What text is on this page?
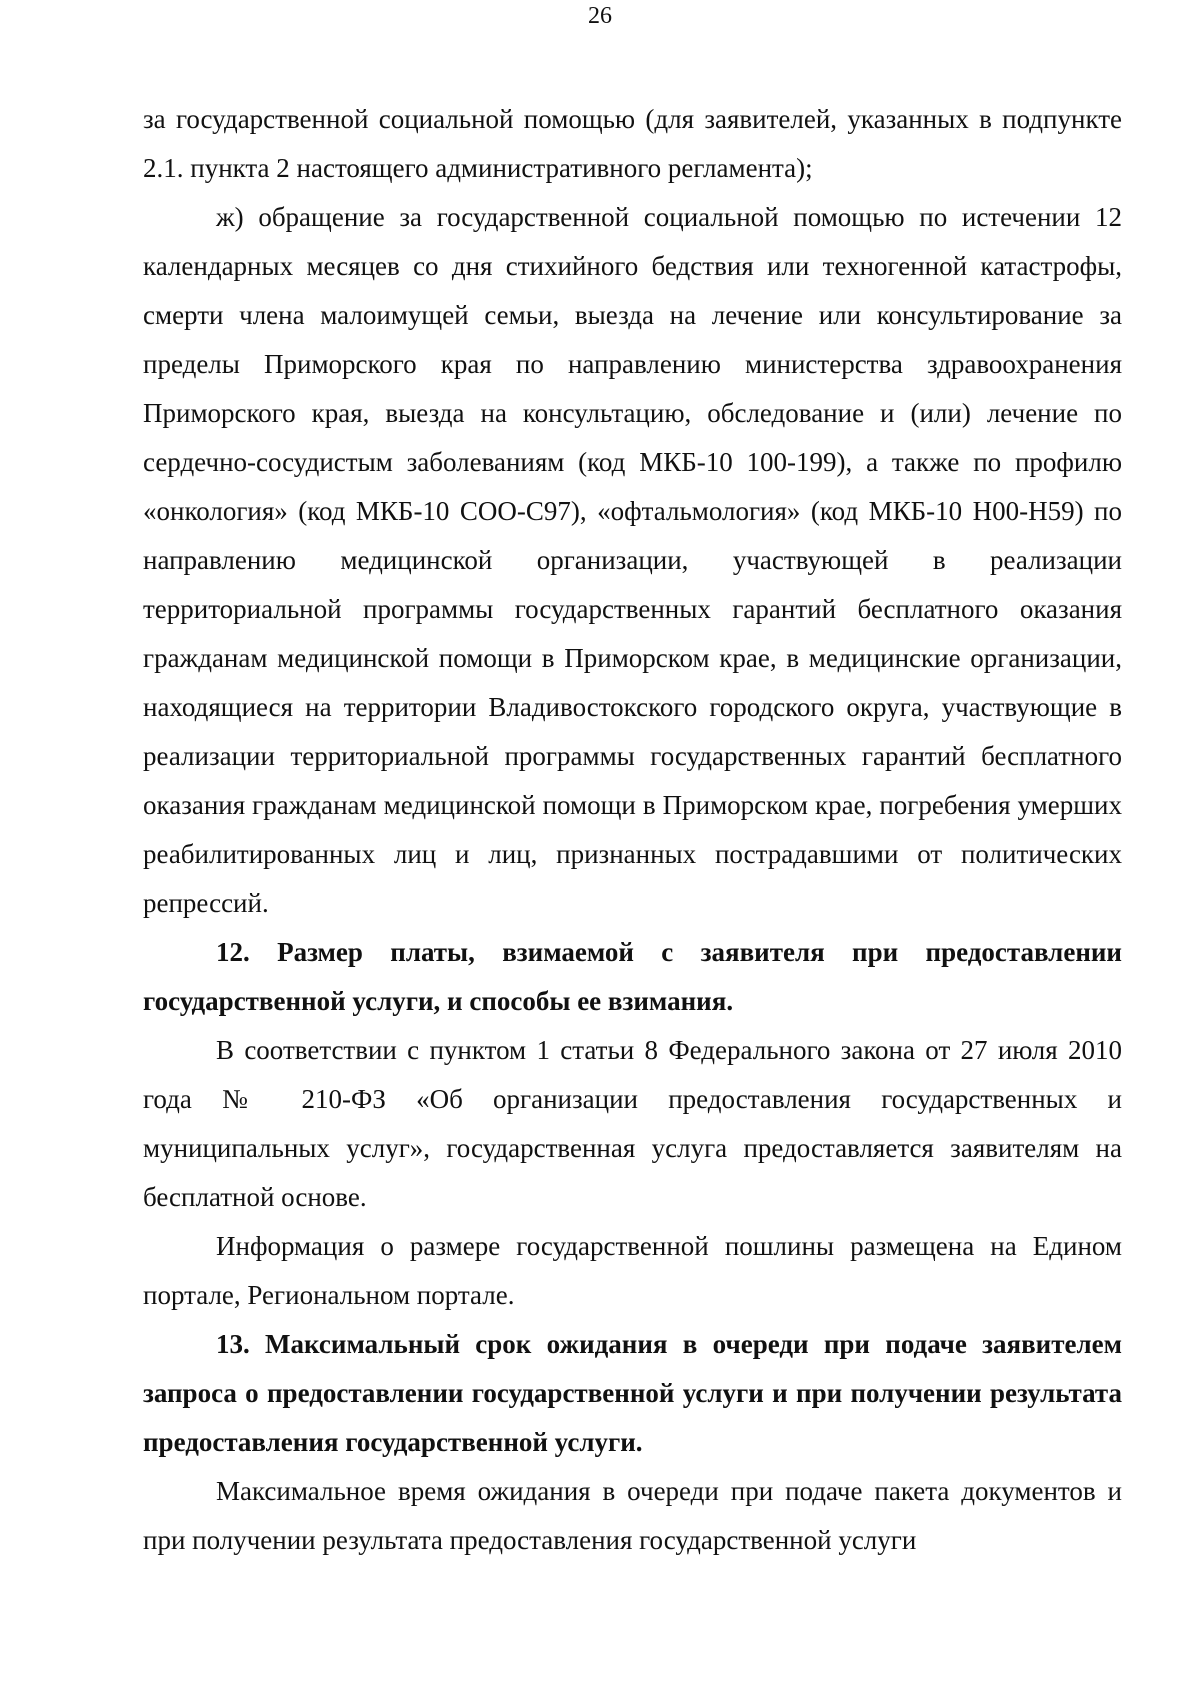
26

за государственной социальной помощью (для заявителей, указанных в подпункте 2.1. пункта 2 настоящего административного регламента);

ж) обращение за государственной социальной помощью по истечении 12 календарных месяцев со дня стихийного бедствия или техногенной катастрофы, смерти члена малоимущей семьи, выезда на лечение или консультирование за пределы Приморского края по направлению министерства здравоохранения Приморского края, выезда на консультацию, обследование и (или) лечение по сердечно-сосудистым заболеваниям (код МКБ-10 100-199), а также по профилю «онкология» (код МКБ-10 СОО-С97), «офтальмология» (код МКБ-10 Н00-Н59) по направлению медицинской организации, участвующей в реализации территориальной программы государственных гарантий бесплатного оказания гражданам медицинской помощи в Приморском крае, в медицинские организации, находящиеся на территории Владивостокского городского округа, участвующие в реализации территориальной программы государственных гарантий бесплатного оказания гражданам медицинской помощи в Приморском крае, погребения умерших реабилитированных лиц и лиц, признанных пострадавшими от политических репрессий.

12. Размер платы, взимаемой с заявителя при предоставлении государственной услуги, и способы ее взимания.

В соответствии с пунктом 1 статьи 8 Федерального закона от 27 июля 2010 года № 210-ФЗ «Об организации предоставления государственных и муниципальных услуг», государственная услуга предоставляется заявителям на бесплатной основе.

Информация о размере государственной пошлины размещена на Едином портале, Региональном портале.

13. Максимальный срок ожидания в очереди при подаче заявителем запроса о предоставлении государственной услуги и при получении результата предоставления государственной услуги.

Максимальное время ожидания в очереди при подаче пакета документов и при получении результата предоставления государственной услуги
